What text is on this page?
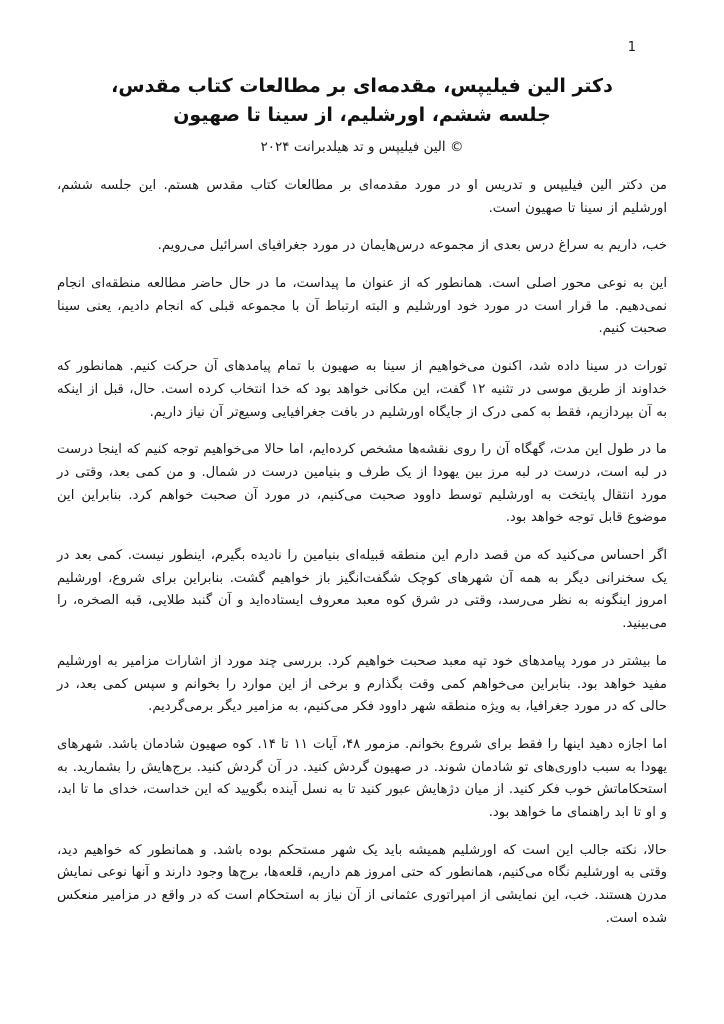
1
دکتر الین فیلیپس، مقدمه‌ای بر مطالعات کتاب مقدس،
جلسه ششم، اورشلیم، از سینا تا صهیون
© الین فیلیپس و تد هیلدبرانت ۲۰۲۴

من دکتر الین فیلیپس و تدریس او در مورد مقدمه‌ای بر مطالعات کتاب مقدس هستم. این جلسه ششم، اورشلیم از سینا تا صهیون است.

خب، داریم به سراغ درس بعدی از مجموعه درس‌هایمان در مورد جغرافیای اسرائیل می‌رویم.

این به نوعی محور اصلی است. همانطور که از عنوان ما پیداست، ما در حال حاضر مطالعه منطقه‌ای انجام نمی‌دهیم. ما قرار است در مورد خود اورشلیم و البته ارتباط آن با مجموعه قبلی که انجام دادیم، یعنی سینا صحبت کنیم.

تورات در سینا داده شد، اکنون می‌خواهیم از سینا به صهیون با تمام پیامدهای آن حرکت کنیم. همانطور که خداوند از طریق موسی در تثنیه ۱۲ گفت، این مکانی خواهد بود که خدا انتخاب کرده است. حال، قبل از اینکه به آن بپردازیم، فقط به کمی درک از جایگاه اورشلیم در بافت جغرافیایی وسیع‌تر آن نیاز داریم.

ما در طول این مدت، گهگاه آن را روی نقشه‌ها مشخص کرده‌ایم، اما حالا می‌خواهیم توجه کنیم که اینجا درست در لبه است، درست در لبه مرز بین یهودا از یک طرف و بنیامین درست در شمال. و من کمی بعد، وقتی در مورد انتقال پایتخت به اورشلیم توسط داوود صحبت می‌کنیم، در مورد آن صحبت خواهم کرد. بنابراین این موضوع قابل توجه خواهد بود.

اگر احساس می‌کنید که من قصد دارم این منطقه قبیله‌ای بنیامین را نادیده بگیرم، اینطور نیست. کمی بعد در یک سخنرانی دیگر به همه آن شهرهای کوچک شگفت‌انگیز باز خواهیم گشت. بنابراین برای شروع، اورشلیم امروز اینگونه به نظر می‌رسد، وقتی در شرق کوه معبد معروف ایستاده‌اید و آن گنبد طلایی، قبه الصخره، را می‌بینید.

ما بیشتر در مورد پیامدهای خود تپه معبد صحبت خواهیم کرد. بررسی چند مورد از اشارات مزامیر به اورشلیم مفید خواهد بود. بنابراین می‌خواهم کمی وقت بگذارم و برخی از این موارد را بخوانم و سپس کمی بعد، در حالی که در مورد جغرافیا، به ویژه منطقه شهر داوود فکر می‌کنیم، به مزامیر دیگر برمی‌گردیم.

اما اجازه دهید اینها را فقط برای شروع بخوانم. مزمور ۴۸، آیات ۱۱ تا ۱۴. کوه صهیون شادمان باشد. شهرهای یهودا به سبب داوری‌های تو شادمان شوند. در صهیون گردش کنید. در آن گردش کنید. برج‌هایش را بشمارید. به استحکاماتش خوب فکر کنید. از میان دژهایش عبور کنید تا به نسل آینده بگویید که این خداست، خدای ما تا ابد، و او تا ابد راهنمای ما خواهد بود.

حالا، نکته جالب این است که اورشلیم همیشه باید یک شهر مستحکم بوده باشد. و همانطور که خواهیم دید، وقتی به اورشلیم نگاه می‌کنیم، همانطور که حتی امروز هم داریم، قلعه‌ها، برج‌ها وجود دارند و آنها نوعی نمایش مدرن هستند. خب، این نمایشی از امپراتوری عثمانی از آن نیاز به استحکام است که در واقع در مزامیر منعکس شده است.
